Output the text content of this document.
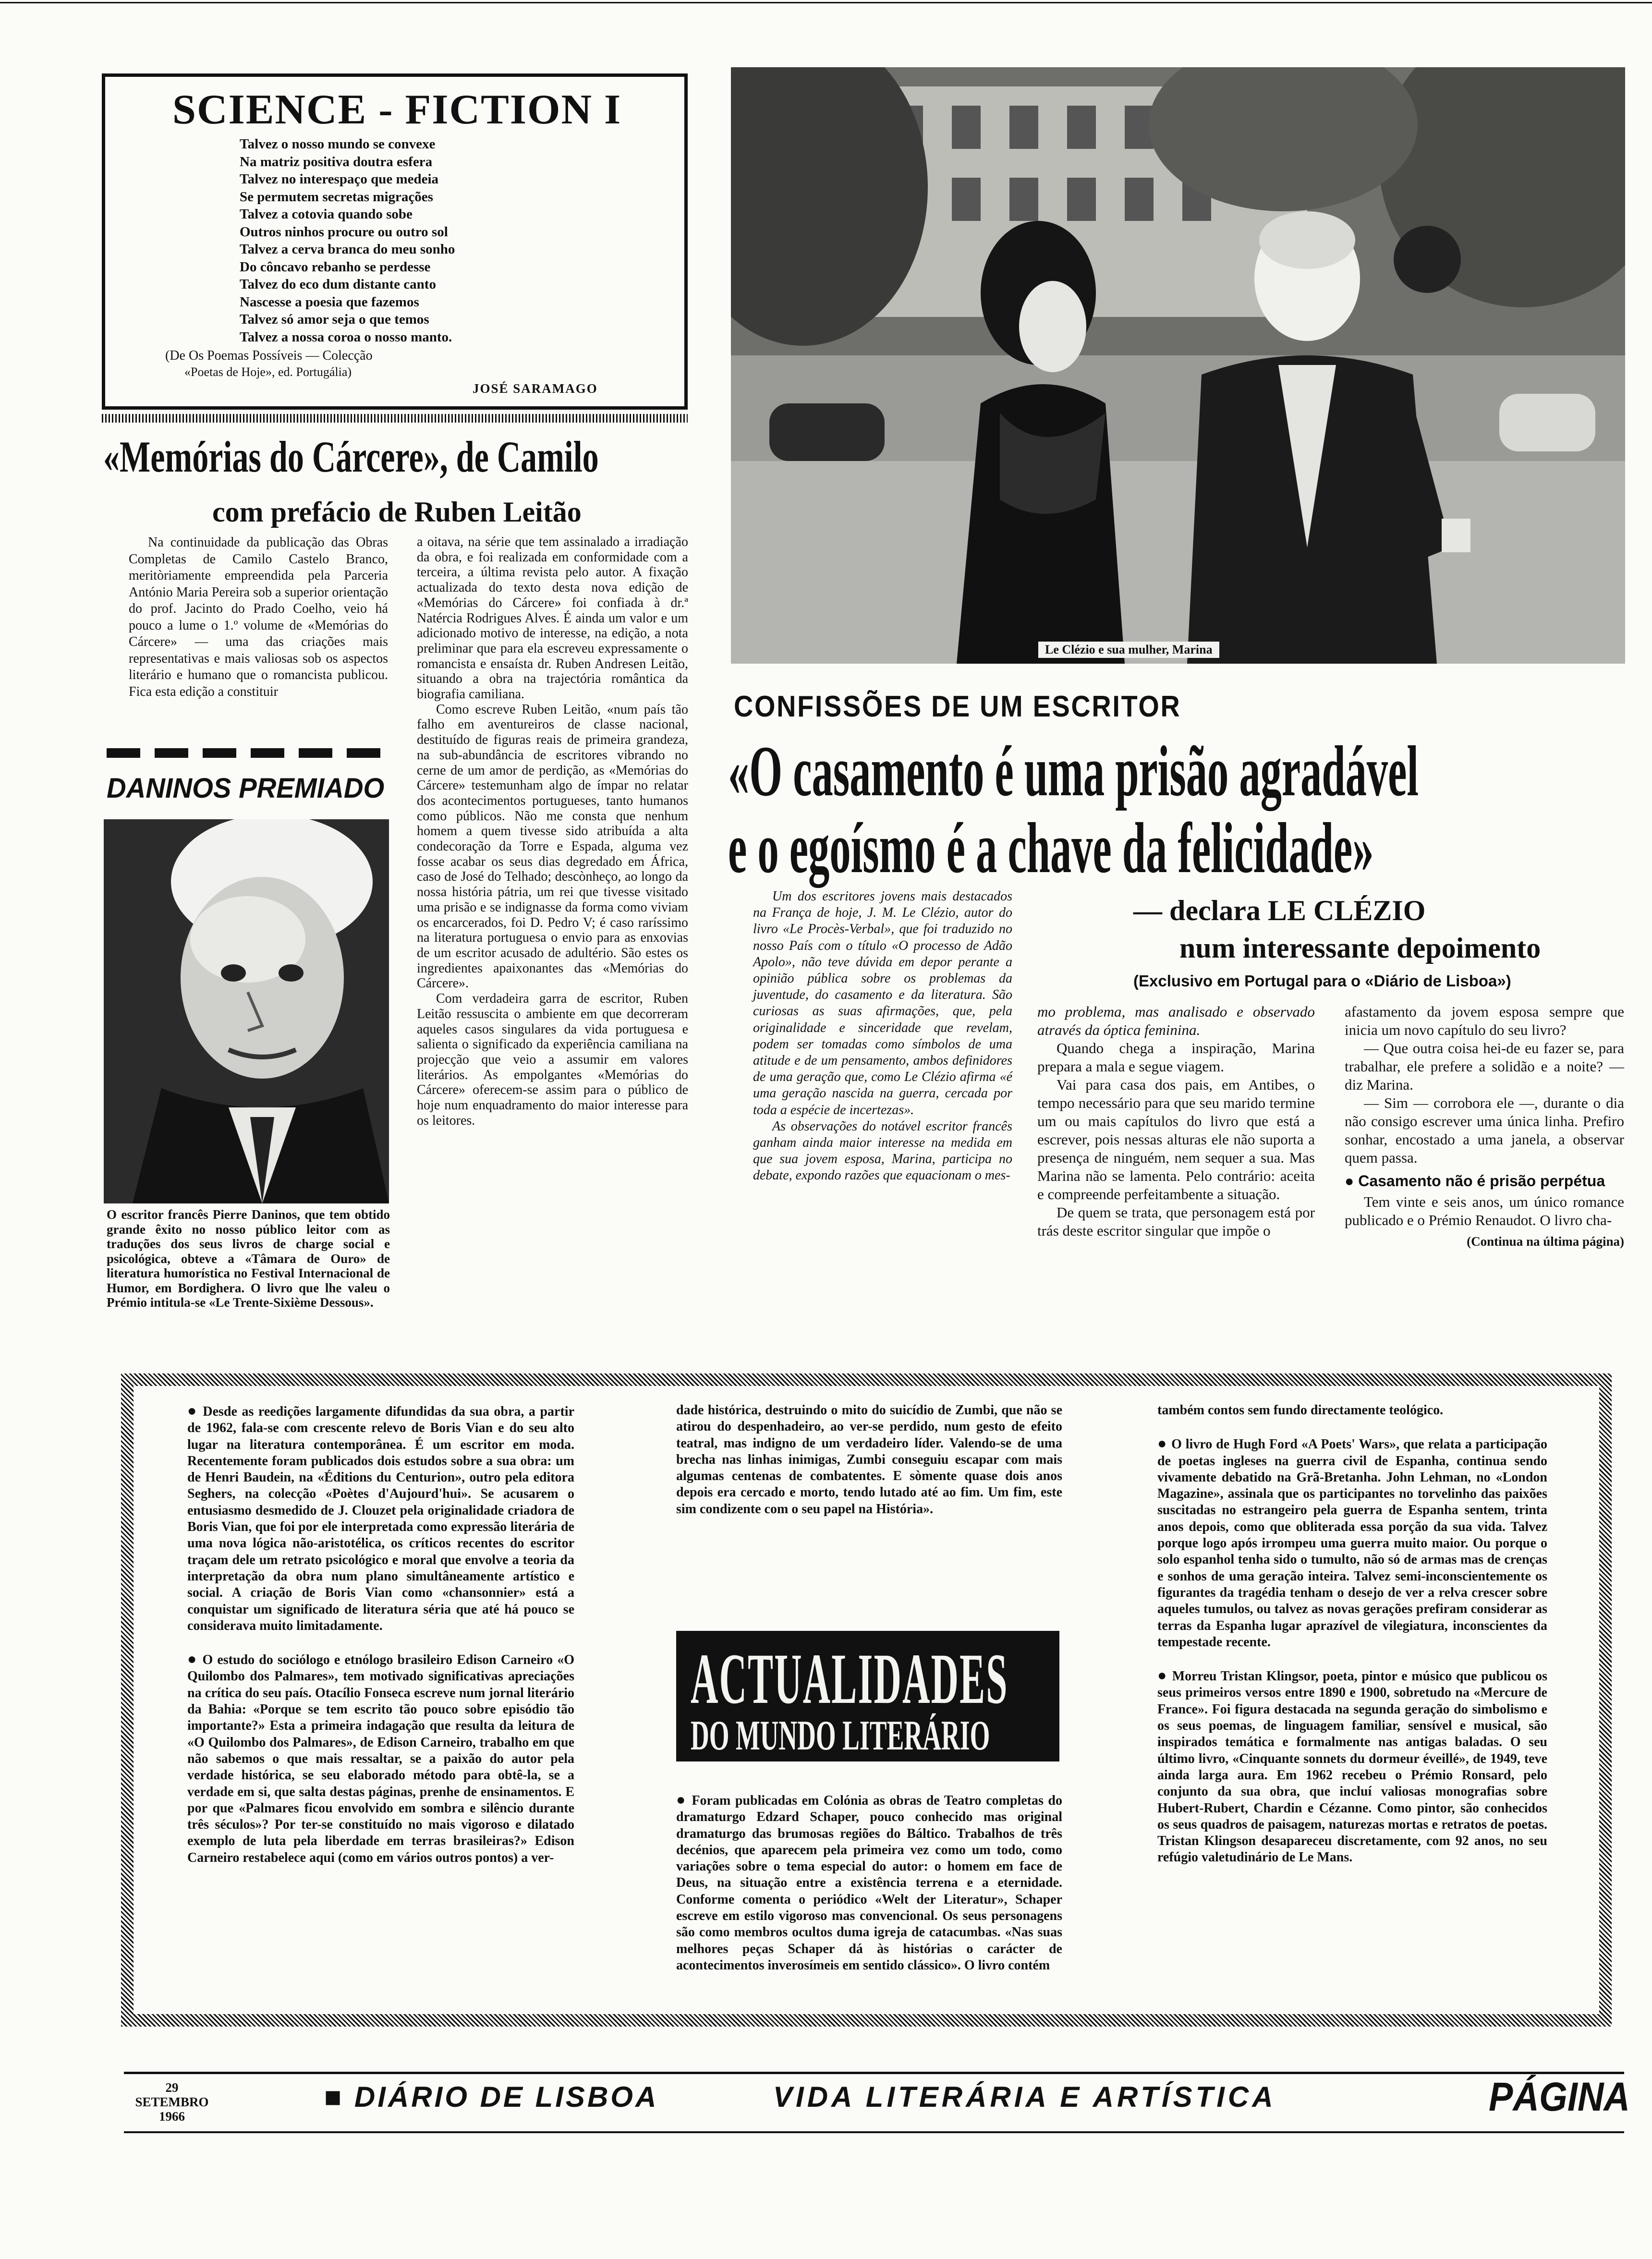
SCIENCE - FICTION I
Talvez o nosso mundo se convexe
Na matriz positiva doutra esfera
Talvez no interespaço que medeia
Se permutem secretas migrações
Talvez a cotovia quando sobe
Outros ninhos procure ou outro sol
Talvez a cerva branca do meu sonho
Do côncavo rebanho se perdesse
Talvez do eco dum distante canto
Nascesse a poesia que fazemos
Talvez só amor seja o que temos
Talvez a nossa coroa o nosso manto.
(De Os Poemas Possíveis — Colecção
«Poetas de Hoje», ed. Portugália)
JOSÉ SARAMAGO
«Memórias do Cárcere», de Camilo
com prefácio de Ruben Leitão

Na continuidade da publicação das Obras Completas de Camilo Castelo Branco, meritòriamente empreendida pela Parceria António Maria Pereira sob a superior orientação do prof. Jacinto do Prado Coelho, veio há pouco a lume o 1.º volume de «Memórias do Cárcere» — uma das criações mais representativas e mais valiosas sob os aspectos literário e humano que o romancista publicou. Fica esta edição a constituir

a oitava, na série que tem assinalado a irradiação da obra, e foi realizada em conformidade com a terceira, a última revista pelo autor. A fixação actualizada do texto desta nova edição de «Memórias do Cárcere» foi confiada à dr.ª Natércia Rodrigues Alves. É ainda um valor e um adicionado motivo de interesse, na edição, a nota preliminar que para ela escreveu expressamente o romancista e ensaísta dr. Ruben Andresen Leitão, situando a obra na trajectória romântica da biografia camiliana.

Como escreve Ruben Leitão, «num país tão falho em aventureiros de classe nacional, destituído de figuras reais de primeira grandeza, na sub-abundância de escritores vibrando no cerne de um amor de perdição, as «Memórias do Cárcere» testemunham algo de ímpar no relatar dos acontecimentos portugueses, tanto humanos como públicos. Não me consta que nenhum homem a quem tivesse sido atribuída a alta condecoração da Torre e Espada, alguma vez fosse acabar os seus dias degredado em África, caso de José do Telhado; descònheço, ao longo da nossa história pátria, um rei que tivesse visitado uma prisão e se indignasse da forma como viviam os encarcerados, foi D. Pedro V; é caso raríssimo na literatura portuguesa o envio para as enxovias de um escritor acusado de adultério. São estes os ingredientes apaixonantes das «Memórias do Cárcere».

Com verdadeira garra de escritor, Ruben Leitão ressuscita o ambiente em que decorreram aqueles casos singulares da vida portuguesa e salienta o significado da experiência camiliana na projecção que veio a assumir em valores literários. As empolgantes «Memórias do Cárcere» oferecem-se assim para o público de hoje num enquadramento do maior interesse para os leitores.

DANINOS PREMIADO

O escritor francês Pierre Daninos, que tem obtido grande êxito no nosso público leitor com as traduções dos seus livros de charge social e psicológica, obteve a «Tâmara de Ouro» de literatura humorística no Festival Internacional de Humor, em Bordighera. O livro que lhe valeu o Prémio intitula-se «Le Trente-Sixième Dessous».

Le Clézio e sua mulher, Marina
CONFISSÕES DE UM ESCRITOR
«O casamento é uma prisão agradável
e o egoísmo é a chave da felicidade»

Um dos escritores jovens mais destacados na França de hoje, J. M. Le Clézio, autor do livro «Le Procès-Verbal», que foi traduzido no nosso País com o título «O processo de Adão Apolo», não teve dúvida em depor perante a opinião pública sobre os problemas da juventude, do casamento e da literatura. São curiosas as suas afirmações, que, pela originalidade e sinceridade que revelam, podem ser tomadas como símbolos de uma atitude e de um pensamento, ambos definidores de uma geração que, como Le Clézio afirma «é uma geração nascida na guerra, cercada por toda a espécie de incertezas».

As observações do notável escritor francês ganham ainda maior interesse na medida em que sua jovem esposa, Marina, participa no debate, expondo razões que equacionam o mes-

— declara LE CLÉZIO
num interessante depoimento
(Exclusivo em Portugal para o «Diário de Lisboa»)

mo problema, mas analisado e observado através da óptica feminina.

Quando chega a inspiração, Marina prepara a mala e segue viagem.

Vai para casa dos pais, em Antibes, o tempo necessário para que seu marido termine um ou mais capítulos do livro que está a escrever, pois nessas alturas ele não suporta a presença de ninguém, nem sequer a sua. Mas Marina não se lamenta. Pelo contrário: aceita e compreende perfeitambente a situação.

De quem se trata, que personagem está por trás deste escritor singular que impõe o

afastamento da jovem esposa sempre que inicia um novo capítulo do seu livro?

— Que outra coisa hei-de eu fazer se, para trabalhar, ele prefere a solidão e a noite? — diz Marina.

— Sim — corrobora ele —, durante o dia não consigo escrever uma única linha. Prefiro sonhar, encostado a uma janela, a observar quem passa.

● Casamento não é prisão perpétua

Tem vinte e seis anos, um único romance publicado e o Prémio Renaudot. O livro cha-

(Continua na última página)

● Desde as reedições largamente difundidas da sua obra, a partir de 1962, fala-se com crescente relevo de Boris Vian e do seu alto lugar na literatura contemporânea. É um escritor em moda. Recentemente foram publicados dois estudos sobre a sua obra: um de Henri Baudein, na «Éditions du Centurion», outro pela editora Seghers, na colecção «Poètes d'Aujourd'hui». Se acusarem o entusiasmo desmedido de J. Clouzet pela originalidade criadora de Boris Vian, que foi por ele interpretada como expressão literária de uma nova lógica não-aristotélica, os críticos recentes do escritor traçam dele um retrato psicológico e moral que envolve a teoria da interpretação da obra num plano simultâneamente artístico e social. A criação de Boris Vian como «chansonnier» está a conquistar um significado de literatura séria que até há pouco se considerava muito limitadamente.

● O estudo do sociólogo e etnólogo brasileiro Edison Carneiro «O Quilombo dos Palmares», tem motivado significativas apreciações na crítica do seu país. Otacílio Fonseca escreve num jornal literário da Bahia: «Porque se tem escrito tão pouco sobre episódio tão importante?» Esta a primeira indagação que resulta da leitura de «O Quilombo dos Palmares», de Edison Carneiro, trabalho em que não sabemos o que mais ressaltar, se a paixão do autor pela verdade histórica, se seu elaborado método para obtê-la, se a verdade em si, que salta destas páginas, prenhe de ensinamentos. E por que «Palmares ficou envolvido em sombra e silêncio durante três séculos»? Por ter-se constituído no mais vigoroso e dilatado exemplo de luta pela liberdade em terras brasileiras?» Edison Carneiro restabelece aqui (como em vários outros pontos) a ver-

dade histórica, destruindo o mito do suicídio de Zumbi, que não se atirou do despenhadeiro, ao ver-se perdido, num gesto de efeito teatral, mas indigno de um verdadeiro líder. Valendo-se de uma brecha nas linhas inimigas, Zumbi conseguiu escapar com mais algumas centenas de combatentes. E sòmente quase dois anos depois era cercado e morto, tendo lutado até ao fim. Um fim, este sim condizente com o seu papel na História».

ACTUALIDADES
DO MUNDO LITERÁRIO

● Foram publicadas em Colónia as obras de Teatro completas do dramaturgo Edzard Schaper, pouco conhecido mas original dramaturgo das brumosas regiões do Báltico. Trabalhos de três decénios, que aparecem pela primeira vez como um todo, como variações sobre o tema especial do autor: o homem em face de Deus, na situação entre a existência terrena e a eternidade. Conforme comenta o periódico «Welt der Literatur», Schaper escreve em estilo vigoroso mas convencional. Os seus personagens são como membros ocultos duma igreja de catacumbas. «Nas suas melhores peças Schaper dá às histórias o carácter de acontecimentos inverosímeis em sentido clássico». O livro contém

também contos sem fundo directamente teológico.

● O livro de Hugh Ford «A Poets' Wars», que relata a participação de poetas ingleses na guerra civil de Espanha, continua sendo vivamente debatido na Grã-Bretanha. John Lehman, no «London Magazine», assinala que os participantes no torvelinho das paixões suscitadas no estrangeiro pela guerra de Espanha sentem, trinta anos depois, como que obliterada essa porção da sua vida. Talvez porque logo após irrompeu uma guerra muito maior. Ou porque o solo espanhol tenha sido o tumulto, não só de armas mas de crenças e sonhos de uma geração inteira. Talvez semi-inconscientemente os figurantes da tragédia tenham o desejo de ver a relva crescer sobre aqueles tumulos, ou talvez as novas gerações prefiram considerar as terras da Espanha lugar aprazível de vilegiatura, inconscientes da tempestade recente.

● Morreu Tristan Klingsor, poeta, pintor e músico que publicou os seus primeiros versos entre 1890 e 1900, sobretudo na «Mercure de France». Foi figura destacada na segunda geração do simbolismo e os seus poemas, de linguagem familiar, sensível e musical, são inspirados temática e formalmente nas antigas baladas. O seu último livro, «Cinquante sonnets du dormeur éveillé», de 1949, teve ainda larga aura. Em 1962 recebeu o Prémio Ronsard, pelo conjunto da sua obra, que incluí valiosas monografias sobre Hubert-Rubert, Chardin e Cézanne. Como pintor, são conhecidos os seus quadros de paisagem, naturezas mortas e retratos de poetas. Tristan Klingson desapareceu discretamente, com 92 anos, no seu refúgio valetudinário de Le Mans.

29
SETEMBRO
1966
■ DIÁRIO DE LISBOA	VIDA LITERÁRIA E ARTÍSTICA	PÁGINA
